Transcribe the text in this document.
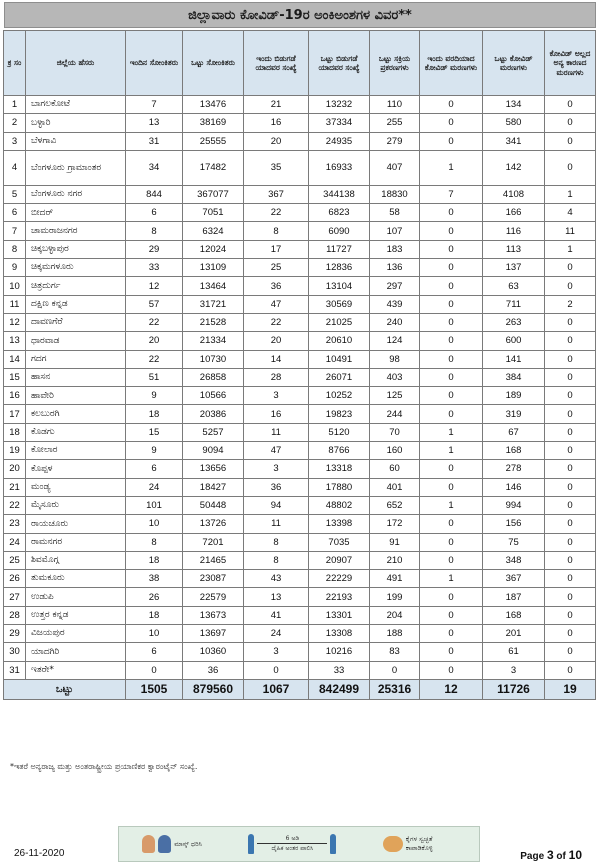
ಜಿಲ್ಲಾವಾರು ಕೋವಿಡ್‌-19ರ ಅಂಕಿಅಂಶಗಳ ವಿವರ**
ಕ್ರ ಸಂ	ಜಿಲ್ಲೆಯ ಹೆಸರು	ಇಂದಿನ ಸೋಂಕಿತರು	ಒಟ್ಟು ಸೋಂಕಿತರು	ಇಂದು ಬಿಡುಗಡೆ ಯಾದವರ ಸಂಖ್ಯೆ	ಒಟ್ಟು ಬಿಡುಗಡೆ ಯಾದವರ ಸಂಖ್ಯೆ	ಒಟ್ಟು ಸಕ್ರಿಯ ಪ್ರಕರಣಗಳು	ಇಂದು ವರದಿಯಾದ ಕೋವಿಡ್‌ ಮರಣಗಳು	ಒಟ್ಟು ಕೋವಿಡ್‌ ಮರಣಗಳು	ಕೋವಿಡ್‌ ಅಲ್ಲದ ಅನ್ಯ ಕಾರಣದ ಮರಣಗಳು
1	ಬಾಗಲಕೋಟೆ	7	13476	21	13232	110	0	134	0
2	ಬಳ್ಳಾರಿ	13	38169	16	37334	255	0	580	0
3	ಬೆಳಗಾವಿ	31	25555	20	24935	279	0	341	0
4	ಬೆಂಗಳೂರು ಗ್ರಾಮಾಂತರ	34	17482	35	16933	407	1	142	0
5	ಬೆಂಗಳೂರು ನಗರ	844	367077	367	344138	18830	7	4108	1
6	ಬೀದರ್‌	6	7051	22	6823	58	0	166	4
7	ಚಾಮರಾಜನಗರ	8	6324	8	6090	107	0	116	11
8	ಚಿಕ್ಕಬಳ್ಳಾಪುರ	29	12024	17	11727	183	0	113	1
9	ಚಿಕ್ಕಮಗಳೂರು	33	13109	25	12836	136	0	137	0
10	ಚಿತ್ರದುರ್ಗ	12	13464	36	13104	297	0	63	0
11	ದಕ್ಷಿಣ ಕನ್ನಡ	57	31721	47	30569	439	0	711	2
12	ದಾವಣಗೆರೆ	22	21528	22	21025	240	0	263	0
13	ಧಾರವಾಡ	20	21334	20	20610	124	0	600	0
14	ಗದಗ	22	10730	14	10491	98	0	141	0
15	ಹಾಸನ	51	26858	28	26071	403	0	384	0
16	ಹಾವೇರಿ	9	10566	3	10252	125	0	189	0
17	ಕಲಬುರಗಿ	18	20386	16	19823	244	0	319	0
18	ಕೊಡಗು	15	5257	11	5120	70	1	67	0
19	ಕೋಲಾರ	9	9094	47	8766	160	1	168	0
20	ಕೊಪ್ಪಳ	6	13656	3	13318	60	0	278	0
21	ಮಂಡ್ಯ	24	18427	36	17880	401	0	146	0
22	ಮೈಸೂರು	101	50448	94	48802	652	1	994	0
23	ರಾಯಚೂರು	10	13726	11	13398	172	0	156	0
24	ರಾಮನಗರ	8	7201	8	7035	91	0	75	0
25	ಶಿವಮೊಗ್ಗ	18	21465	8	20907	210	0	348	0
26	ತುಮಕೂರು	38	23087	43	22229	491	1	367	0
27	ಉಡುಪಿ	26	22579	13	22193	199	0	187	0
28	ಉತ್ತರ ಕನ್ನಡ	18	13673	41	13301	204	0	168	0
29	ವಿಜಯಪುರ	10	13697	24	13308	188	0	201	0
30	ಯಾದಗಿರಿ	6	10360	3	10216	83	0	61	0
31	ಇತರೇ*	0	36	0	33	0	0	3	0
ಒಟ್ಟು		1505	879560	1067	842499	25316	12	11726	19
*ಇತರೆ ಅನ್ಯರಾಜ್ಯ ಮತ್ತು ಅಂತರಾಷ್ಟ್ರೀಯ ಪ್ರಯಾಣಿಕರ ಕ್ವಾರಂಟೈನ್‌ ಸಂಖ್ಯೆ.
ಮಾಸ್ಕ್‌ ಧರಿಸಿ
6 ಅಡಿ
ದೈಹಿಕ ಅಂತರ ಪಾಲಿಸಿ
ಕೈಗಳ ಸ್ವಚ್ಛತೆ ಕಾಪಾಡಿಕೊಳ್ಳಿ
26-11-2020	Page 3 of 10
